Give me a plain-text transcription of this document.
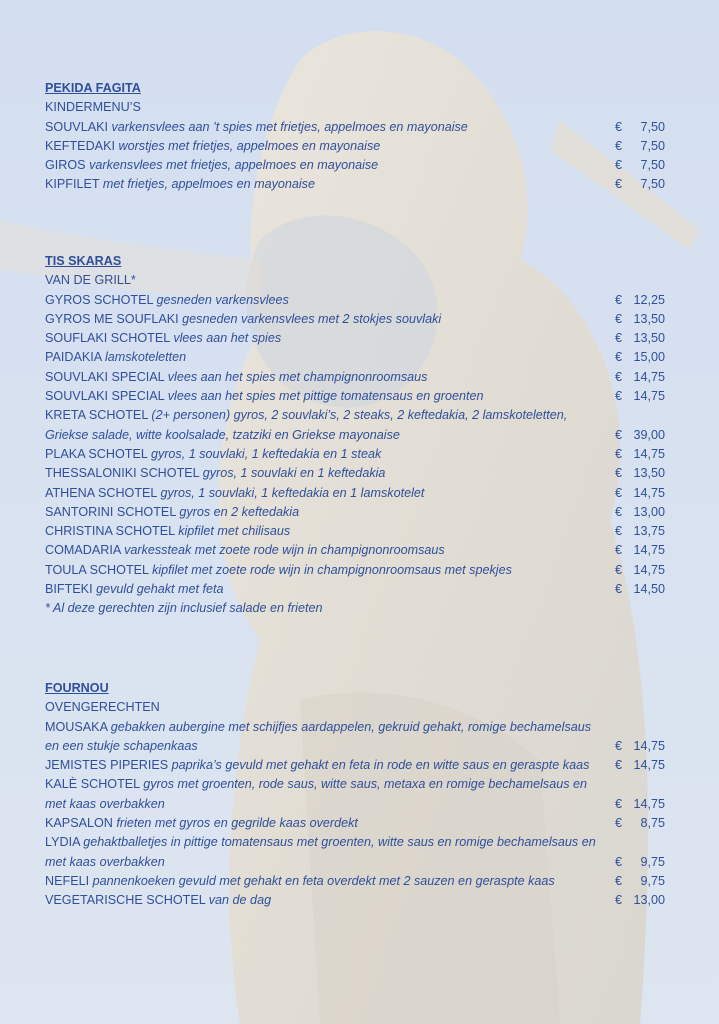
PEKIDA FAGITA
KINDERMENU’S
SOUVLAKI varkensvlees aan ’t spies met frietjes, appelmoes en mayonaise	€ 7,50
KEFTEDAKI worstjes met frietjes, appelmoes en mayonaise	€ 7,50
GIROS varkensvlees met frietjes, appelmoes en mayonaise	€ 7,50
KIPFILET met frietjes, appelmoes en mayonaise	€ 7,50
TIS SKARAS
VAN DE GRILL*
GYROS SCHOTEL gesneden varkensvlees	€ 12,25
GYROS ME SOUFLAKI gesneden varkensvlees met 2 stokjes souvlaki	€ 13,50
SOUFLAKI SCHOTEL vlees aan het spies	€ 13,50
PAIDAKIA lamskoteletten	€ 15,00
SOUVLAKI SPECIAL vlees aan het spies met champignonroomsaus	€ 14,75
SOUVLAKI SPECIAL vlees aan het spies met pittige tomatensaus en groenten	€ 14,75
KRETA SCHOTEL (2+ personen) gyros, 2 souvlaki’s, 2 steaks, 2 keftedakia, 2 lamskoteletten, Griekse salade, witte koolsalade, tzatziki en Griekse mayonaise	€ 39,00
PLAKA SCHOTEL gyros, 1 souvlaki, 1 keftedakia en 1 steak	€ 14,75
THESSALONIKI SCHOTEL gyros, 1 souvlaki en 1 keftedakia	€ 13,50
ATHENA SCHOTEL gyros, 1 souvlaki, 1 keftedakia en 1 lamskotelet	€ 14,75
SANTORINI SCHOTEL gyros en 2 keftedakia	€ 13,00
CHRISTINA SCHOTEL kipfilet met chilisaus	€ 13,75
COMADARIA varkessteak met zoete rode wijn in champignonroomsaus	€ 14,75
TOULA SCHOTEL kipfilet met zoete rode wijn in champignonroomsaus met spekjes	€ 14,75
BIFTEKI gevuld gehakt met feta	€ 14,50
* Al deze gerechten zijn inclusief salade en frieten
FOURNOU
OVENGERECHTEN
MOUSAKA gebakken aubergine met schijfjes aardappelen, gekruid gehakt, romige bechamelsaus en een stukje schapenkaas	€ 14,75
JEMISTES PIPERIES paprika’s gevuld met gehakt en feta in rode en witte saus en geraspte kaas	€ 14,75
KALÈ SCHOTEL gyros met groenten, rode saus, witte saus, metaxa en romige bechamelsaus en met kaas overbakken	€ 14,75
KAPSALON frieten met gyros en gegrilde kaas overdekt	€ 8,75
LYDIA gehaktballetjes in pittige tomatensaus met groenten, witte saus en romige bechamelsaus en met kaas overbakken	€ 9,75
NEFELI pannenkoeken gevuld met gehakt en feta overdekt met 2 sauzen en geraspte kaas	€ 9,75
VEGETARISCHE SCHOTEL van de dag	€ 13,00
